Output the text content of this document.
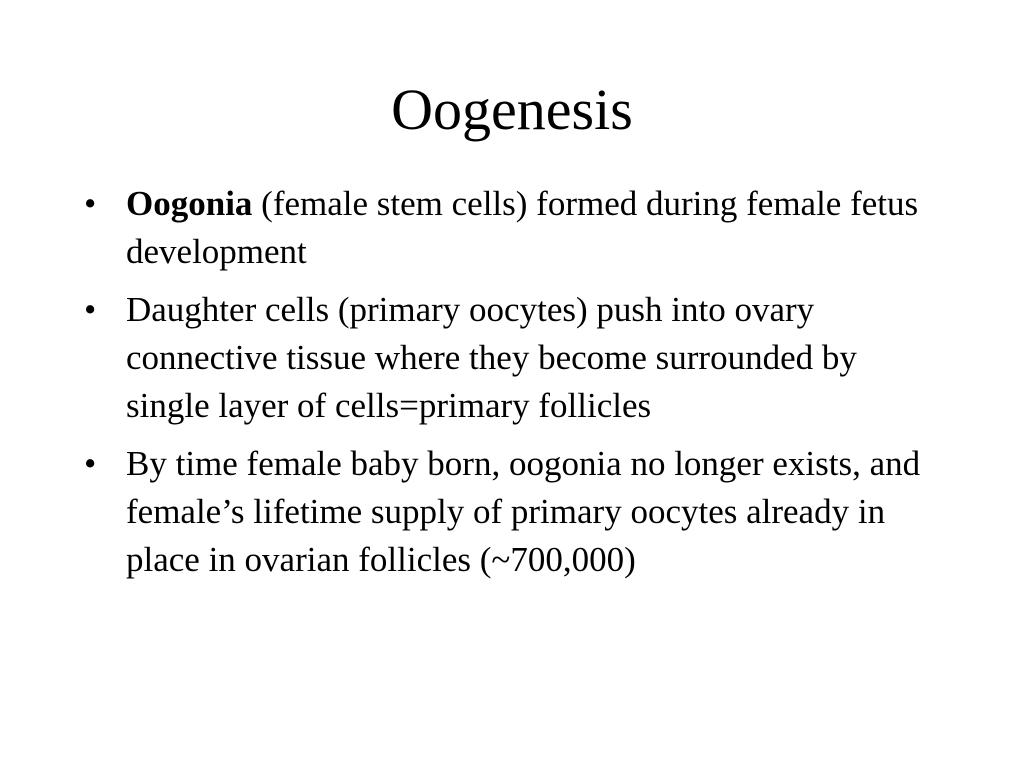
Oogenesis
• Oogonia (female stem cells) formed during female fetus development
• Daughter cells (primary oocytes) push into ovary connective tissue where they become surrounded by single layer of cells=primary follicles
• By time female baby born, oogonia no longer exists, and female’s lifetime supply of primary oocytes already in place in ovarian follicles (~700,000)
